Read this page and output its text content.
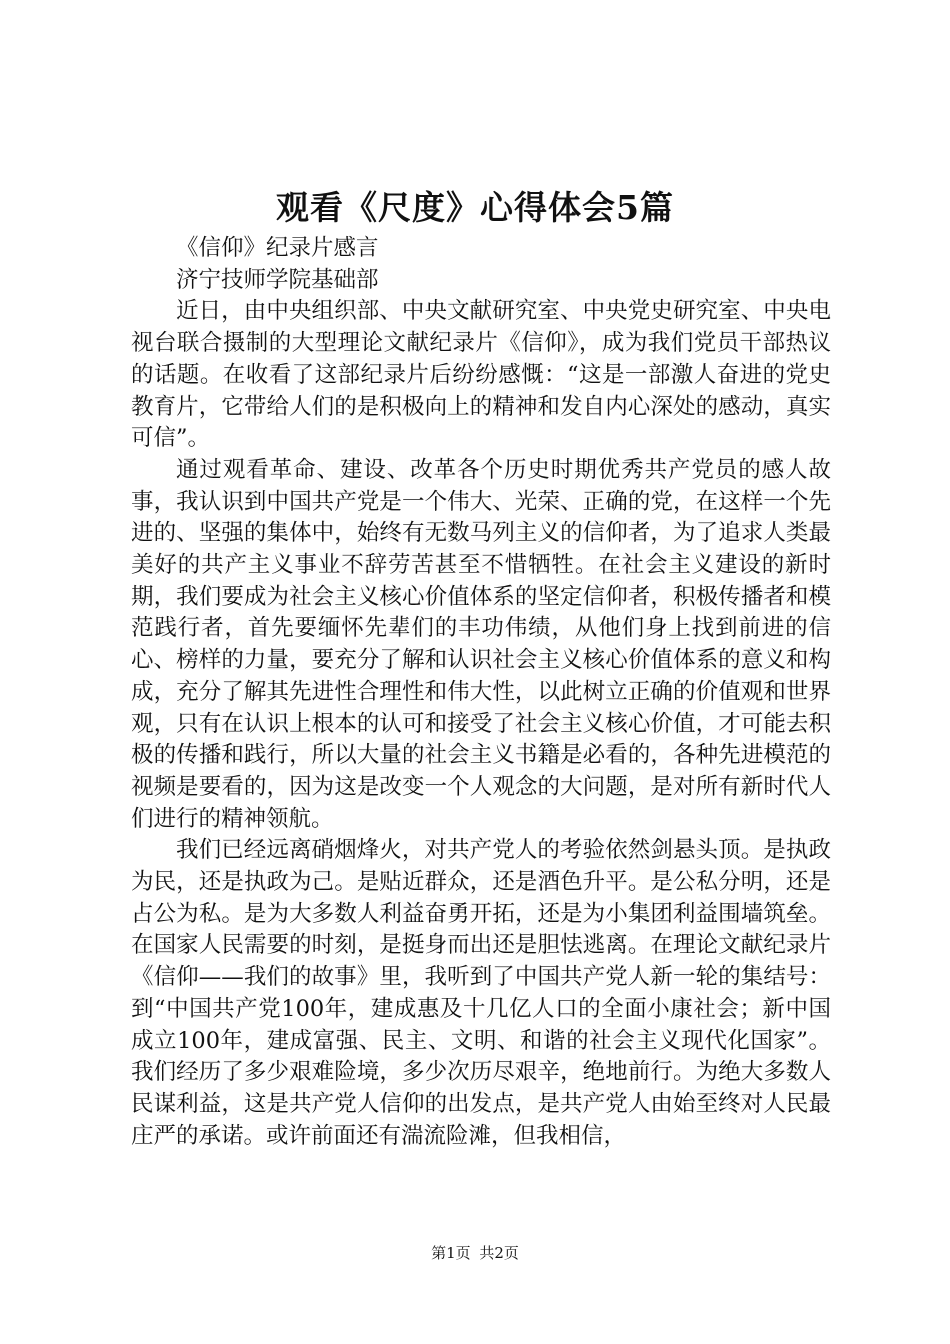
观看《尺度》心得体会5篇

《信仰》纪录片感言

济宁技师学院基础部

近日，由中央组织部、中央文献研究室、中央党史研究室、中央电视台联合摄制的大型理论文献纪录片《信仰》，成为我们党员干部热议的话题。在收看了这部纪录片后纷纷感慨：“这是一部激人奋进的党史教育片，它带给人们的是积极向上的精神和发自内心深处的感动，真实可信”。

通过观看革命、建设、改革各个历史时期优秀共产党员的感人故事，我认识到中国共产党是一个伟大、光荣、正确的党，在这样一个先进的、坚强的集体中，始终有无数马列主义的信仰者，为了追求人类最美好的共产主义事业不辞劳苦甚至不惜牺牲。在社会主义建设的新时期，我们要成为社会主义核心价值体系的坚定信仰者，积极传播者和模范践行者，首先要缅怀先辈们的丰功伟绩，从他们身上找到前进的信心、榜样的力量，要充分了解和认识社会主义核心价值体系的意义和构成，充分了解其先进性合理性和伟大性，以此树立正确的价值观和世界观，只有在认识上根本的认可和接受了社会主义核心价值，才可能去积极的传播和践行，所以大量的社会主义书籍是必看的，各种先进模范的视频是要看的，因为这是改变一个人观念的大问题，是对所有新时代人们进行的精神领航。

我们已经远离硝烟烽火，对共产党人的考验依然剑悬头顶。是执政为民，还是执政为己。是贴近群众，还是酒色升平。是公私分明，还是占公为私。是为大多数人利益奋勇开拓，还是为小集团利益围墙筑垒。在国家人民需要的时刻，是挺身而出还是胆怯逃离。在理论文献纪录片《信仰——我们的故事》里，我听到了中国共产党人新一轮的集结号：到“中国共产党100年，建成惠及十几亿人口的全面小康社会；新中国成立100年，建成富强、民主、文明、和谐的社会主义现代化国家”。我们经历了多少艰难险境，多少次历尽艰辛，绝地前行。为绝大多数人民谋利益，这是共产党人信仰的出发点，是共产党人由始至终对人民最庄严的承诺。或许前面还有湍流险滩，但我相信，

第1页 共2页
